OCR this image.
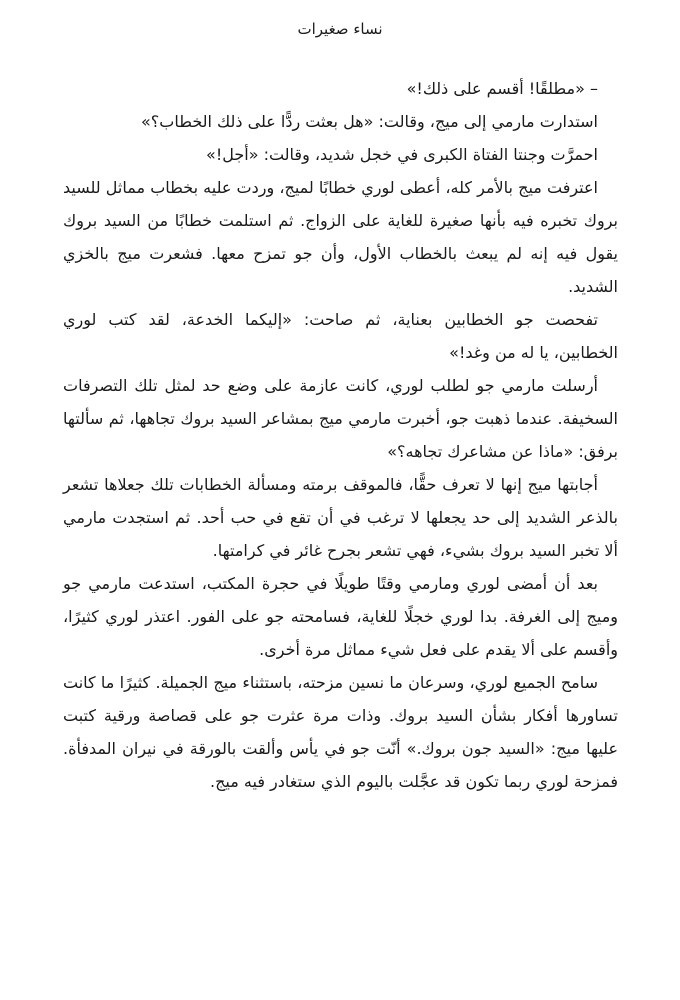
نساء صغيرات

– «مطلقًا! أقسم على ذلك!»

استدارت مارمي إلى ميج، وقالت: «هل بعثت ردًّا على ذلك الخطاب؟»

احمرَّت وجنتا الفتاة الكبرى في خجل شديد، وقالت: «أجل!»

اعترفت ميج بالأمر كله، أعطى لوري خطابًا لميج، وردت عليه بخطاب مماثل للسيد بروك تخبره فيه بأنها صغيرة للغاية على الزواج. ثم استلمت خطابًا من السيد بروك يقول فيه إنه لم يبعث بالخطاب الأول، وأن جو تمزح معها. فشعرت ميج بالخزي الشديد.

تفحصت جو الخطابين بعناية، ثم صاحت: «إليكما الخدعة، لقد كتب لوري الخطابين، يا له من وغد!»

أرسلت مارمي جو لطلب لوري، كانت عازمة على وضع حد لمثل تلك التصرفات السخيفة. عندما ذهبت جو، أخبرت مارمي ميج بمشاعر السيد بروك تجاهها، ثم سألتها برفق: «ماذا عن مشاعرك تجاهه؟»

أجابتها ميج إنها لا تعرف حقًّا، فالموقف برمته ومسألة الخطابات تلك جعلاها تشعر بالذعر الشديد إلى حد يجعلها لا ترغب في أن تقع في حب أحد. ثم استجدت مارمي ألا تخبر السيد بروك بشيء، فهي تشعر بجرح غائر في كرامتها.

بعد أن أمضى لوري ومارمي وقتًا طويلًا في حجرة المكتب، استدعت مارمي جو وميج إلى الغرفة. بدا لوري خجلًا للغاية، فسامحته جو على الفور. اعتذر لوري كثيرًا، وأقسم على ألا يقدم على فعل شيء مماثل مرة أخرى.

سامح الجميع لوري، وسرعان ما نسين مزحته، باستثناء ميج الجميلة. كثيرًا ما كانت تساورها أفكار بشأن السيد بروك. وذات مرة عثرت جو على قصاصة ورقية كتبت عليها ميج: «السيد جون بروك.» أنّت جو في يأس وألقت بالورقة في نيران المدفأة. فمزحة لوري ربما تكون قد عجَّلت باليوم الذي ستغادر فيه ميج.
